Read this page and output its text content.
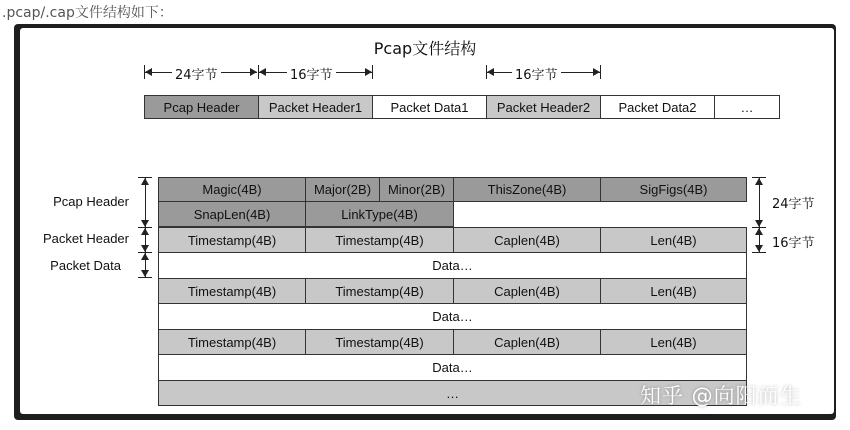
.pcap/.cap文件结构如下：
Pcap文件结构
24字节	16字节	16字节
Pcap Header	Packet Header1	Packet Data1	Packet Header2	Packet Data2	…
Pcap Header
Packet Header
Packet Data
Magic(4B)	Major(2B)	Minor(2B)	ThisZone(4B)	SigFigs(4B)
SnapLen(4B)	LinkType(4B)
Timestamp(4B)	Timestamp(4B)	Caplen(4B)	Len(4B)
Data…
Timestamp(4B)	Timestamp(4B)	Caplen(4B)	Len(4B)
Data…
Timestamp(4B)	Timestamp(4B)	Caplen(4B)	Len(4B)
Data…
…
24字节
16字节
知乎 @向阳而生
